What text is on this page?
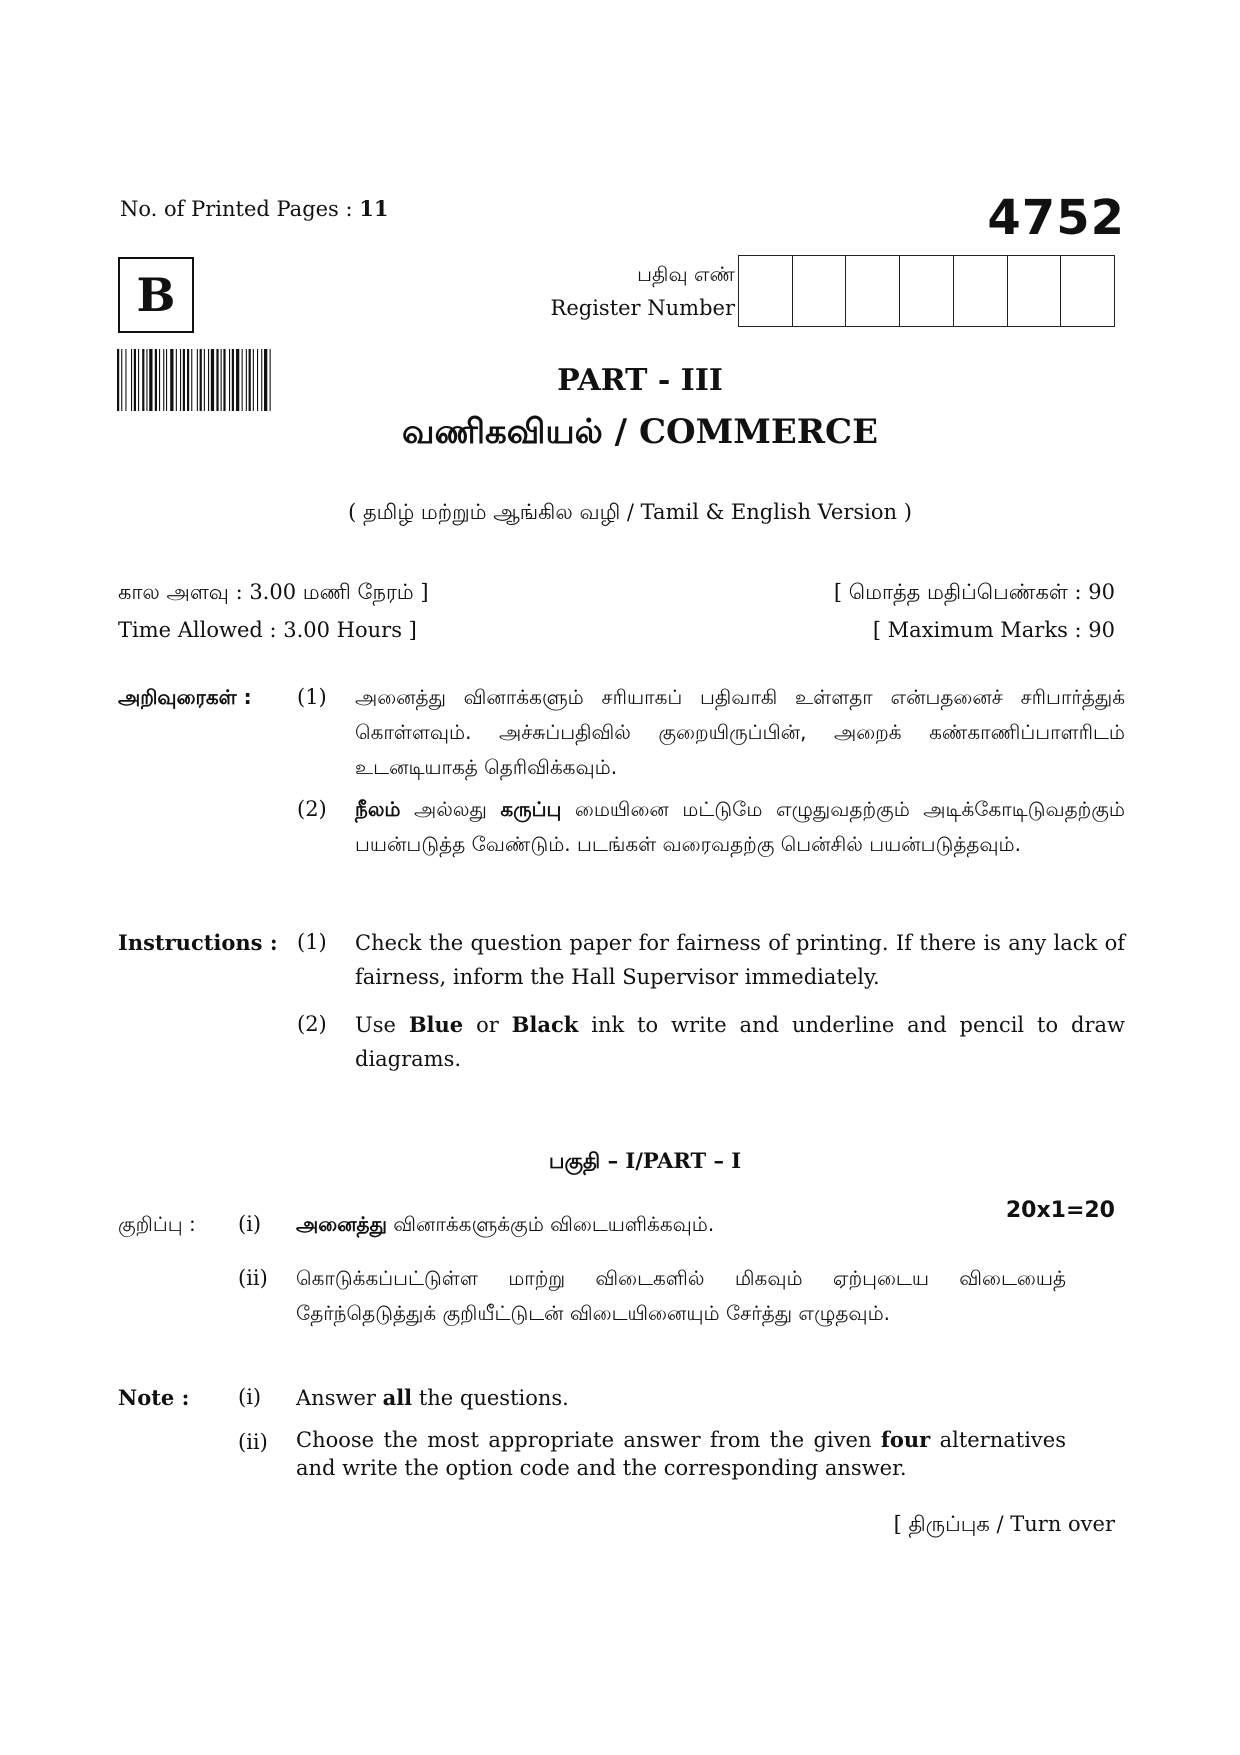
No. of Printed Pages : 11	4752
B	பதிவு எண்
Register Number
PART - III
வணிகவியல் / COMMERCE
( தமிழ் மற்றும் ஆங்கில வழி / Tamil & English Version )
கால அளவு : 3.00 மணி நேரம் ]
Time Allowed : 3.00 Hours ]
[ மொத்த மதிப்பெண்கள் : 90
[ Maximum Marks : 90
அறிவுரைகள் : (1) அனைத்து வினாக்களும் சரியாகப் பதிவாகி உள்ளதா என்பதனைச் சரிபார்த்துக் கொள்ளவும். அச்சுப்பதிவில் குறையிருப்பின், அறைக் கண்காணிப்பாளரிடம் உடனடியாகத் தெரிவிக்கவும்.
(2) நீலம் அல்லது கருப்பு மையினை மட்டுமே எழுதுவதற்கும் அடிக்கோடிடுவதற்கும் பயன்படுத்த வேண்டும். படங்கள் வரைவதற்கு பென்சில் பயன்படுத்தவும்.
Instructions : (1) Check the question paper for fairness of printing. If there is any lack of fairness, inform the Hall Supervisor immediately.
(2) Use Blue or Black ink to write and underline and pencil to draw diagrams.
பகுதி – I/PART – I
குறிப்பு : (i) அனைத்து வினாக்களுக்கும் விடையளிக்கவும்.
20x1=20
(ii) கொடுக்கப்பட்டுள்ள மாற்று விடைகளில் மிகவும் ஏற்புடைய விடையைத் தேர்ந்தெடுத்துக் குறியீட்டுடன் விடையினையும் சேர்த்து எழுதவும்.
Note : (i) Answer all the questions.
(ii) Choose the most appropriate answer from the given four alternatives and write the option code and the corresponding answer.
[ திருப்புக / Turn over
